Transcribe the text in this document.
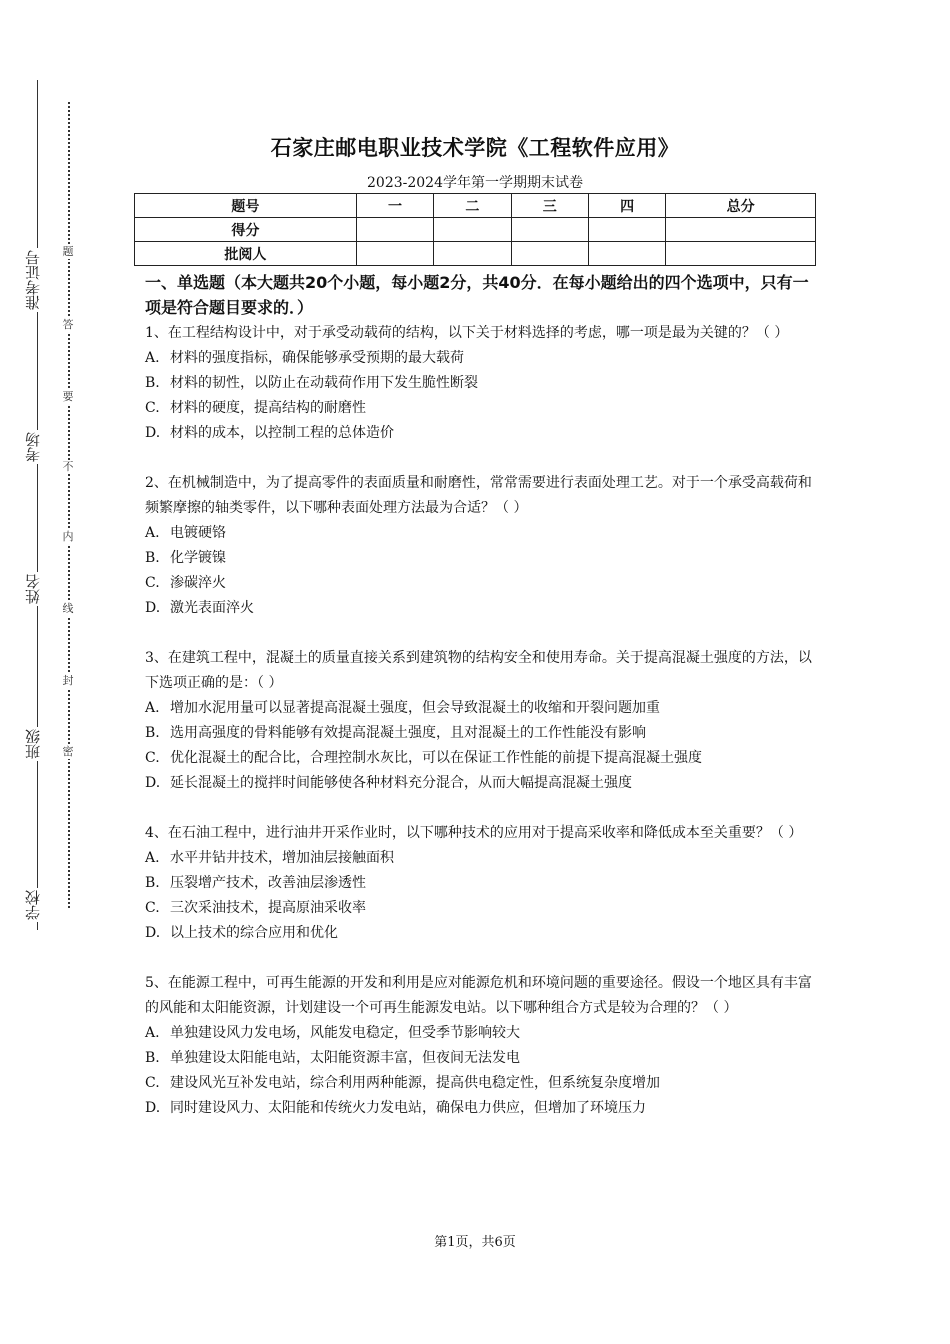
准考证号
考场
姓名
班级
学校
题
答
要
不
内
线
封
密
石家庄邮电职业技术学院《工程软件应用》
2023-2024学年第一学期期末试卷
题号	一	二	三	四	总分
得分					
批阅人					
一、单选题（本大题共20个小题，每小题2分，共40分．在每小题给出的四个选项中，只有一项是符合题目要求的．）
1、在工程结构设计中，对于承受动载荷的结构，以下关于材料选择的考虑，哪一项是最为关键的？（ ）
A. 材料的强度指标，确保能够承受预期的最大载荷
B. 材料的韧性，以防止在动载荷作用下发生脆性断裂
C. 材料的硬度，提高结构的耐磨性
D. 材料的成本，以控制工程的总体造价
2、在机械制造中，为了提高零件的表面质量和耐磨性，常常需要进行表面处理工艺。对于一个承受高载荷和频繁摩擦的轴类零件，以下哪种表面处理方法最为合适？（ ）
A. 电镀硬铬
B. 化学镀镍
C. 渗碳淬火
D. 激光表面淬火
3、在建筑工程中，混凝土的质量直接关系到建筑物的结构安全和使用寿命。关于提高混凝土强度的方法，以下选项正确的是：（ ）
A. 增加水泥用量可以显著提高混凝土强度，但会导致混凝土的收缩和开裂问题加重
B. 选用高强度的骨料能够有效提高混凝土强度，且对混凝土的工作性能没有影响
C. 优化混凝土的配合比，合理控制水灰比，可以在保证工作性能的前提下提高混凝土强度
D. 延长混凝土的搅拌时间能够使各种材料充分混合，从而大幅提高混凝土强度
4、在石油工程中，进行油井开采作业时，以下哪种技术的应用对于提高采收率和降低成本至关重要？（ ）
A. 水平井钻井技术，增加油层接触面积
B. 压裂增产技术，改善油层渗透性
C. 三次采油技术，提高原油采收率
D. 以上技术的综合应用和优化
5、在能源工程中，可再生能源的开发和利用是应对能源危机和环境问题的重要途径。假设一个地区具有丰富的风能和太阳能资源，计划建设一个可再生能源发电站。以下哪种组合方式是较为合理的？（ ）
A. 单独建设风力发电场，风能发电稳定，但受季节影响较大
B. 单独建设太阳能电站，太阳能资源丰富，但夜间无法发电
C. 建设风光互补发电站，综合利用两种能源，提高供电稳定性，但系统复杂度增加
D. 同时建设风力、太阳能和传统火力发电站，确保电力供应，但增加了环境压力
第1页，共6页
